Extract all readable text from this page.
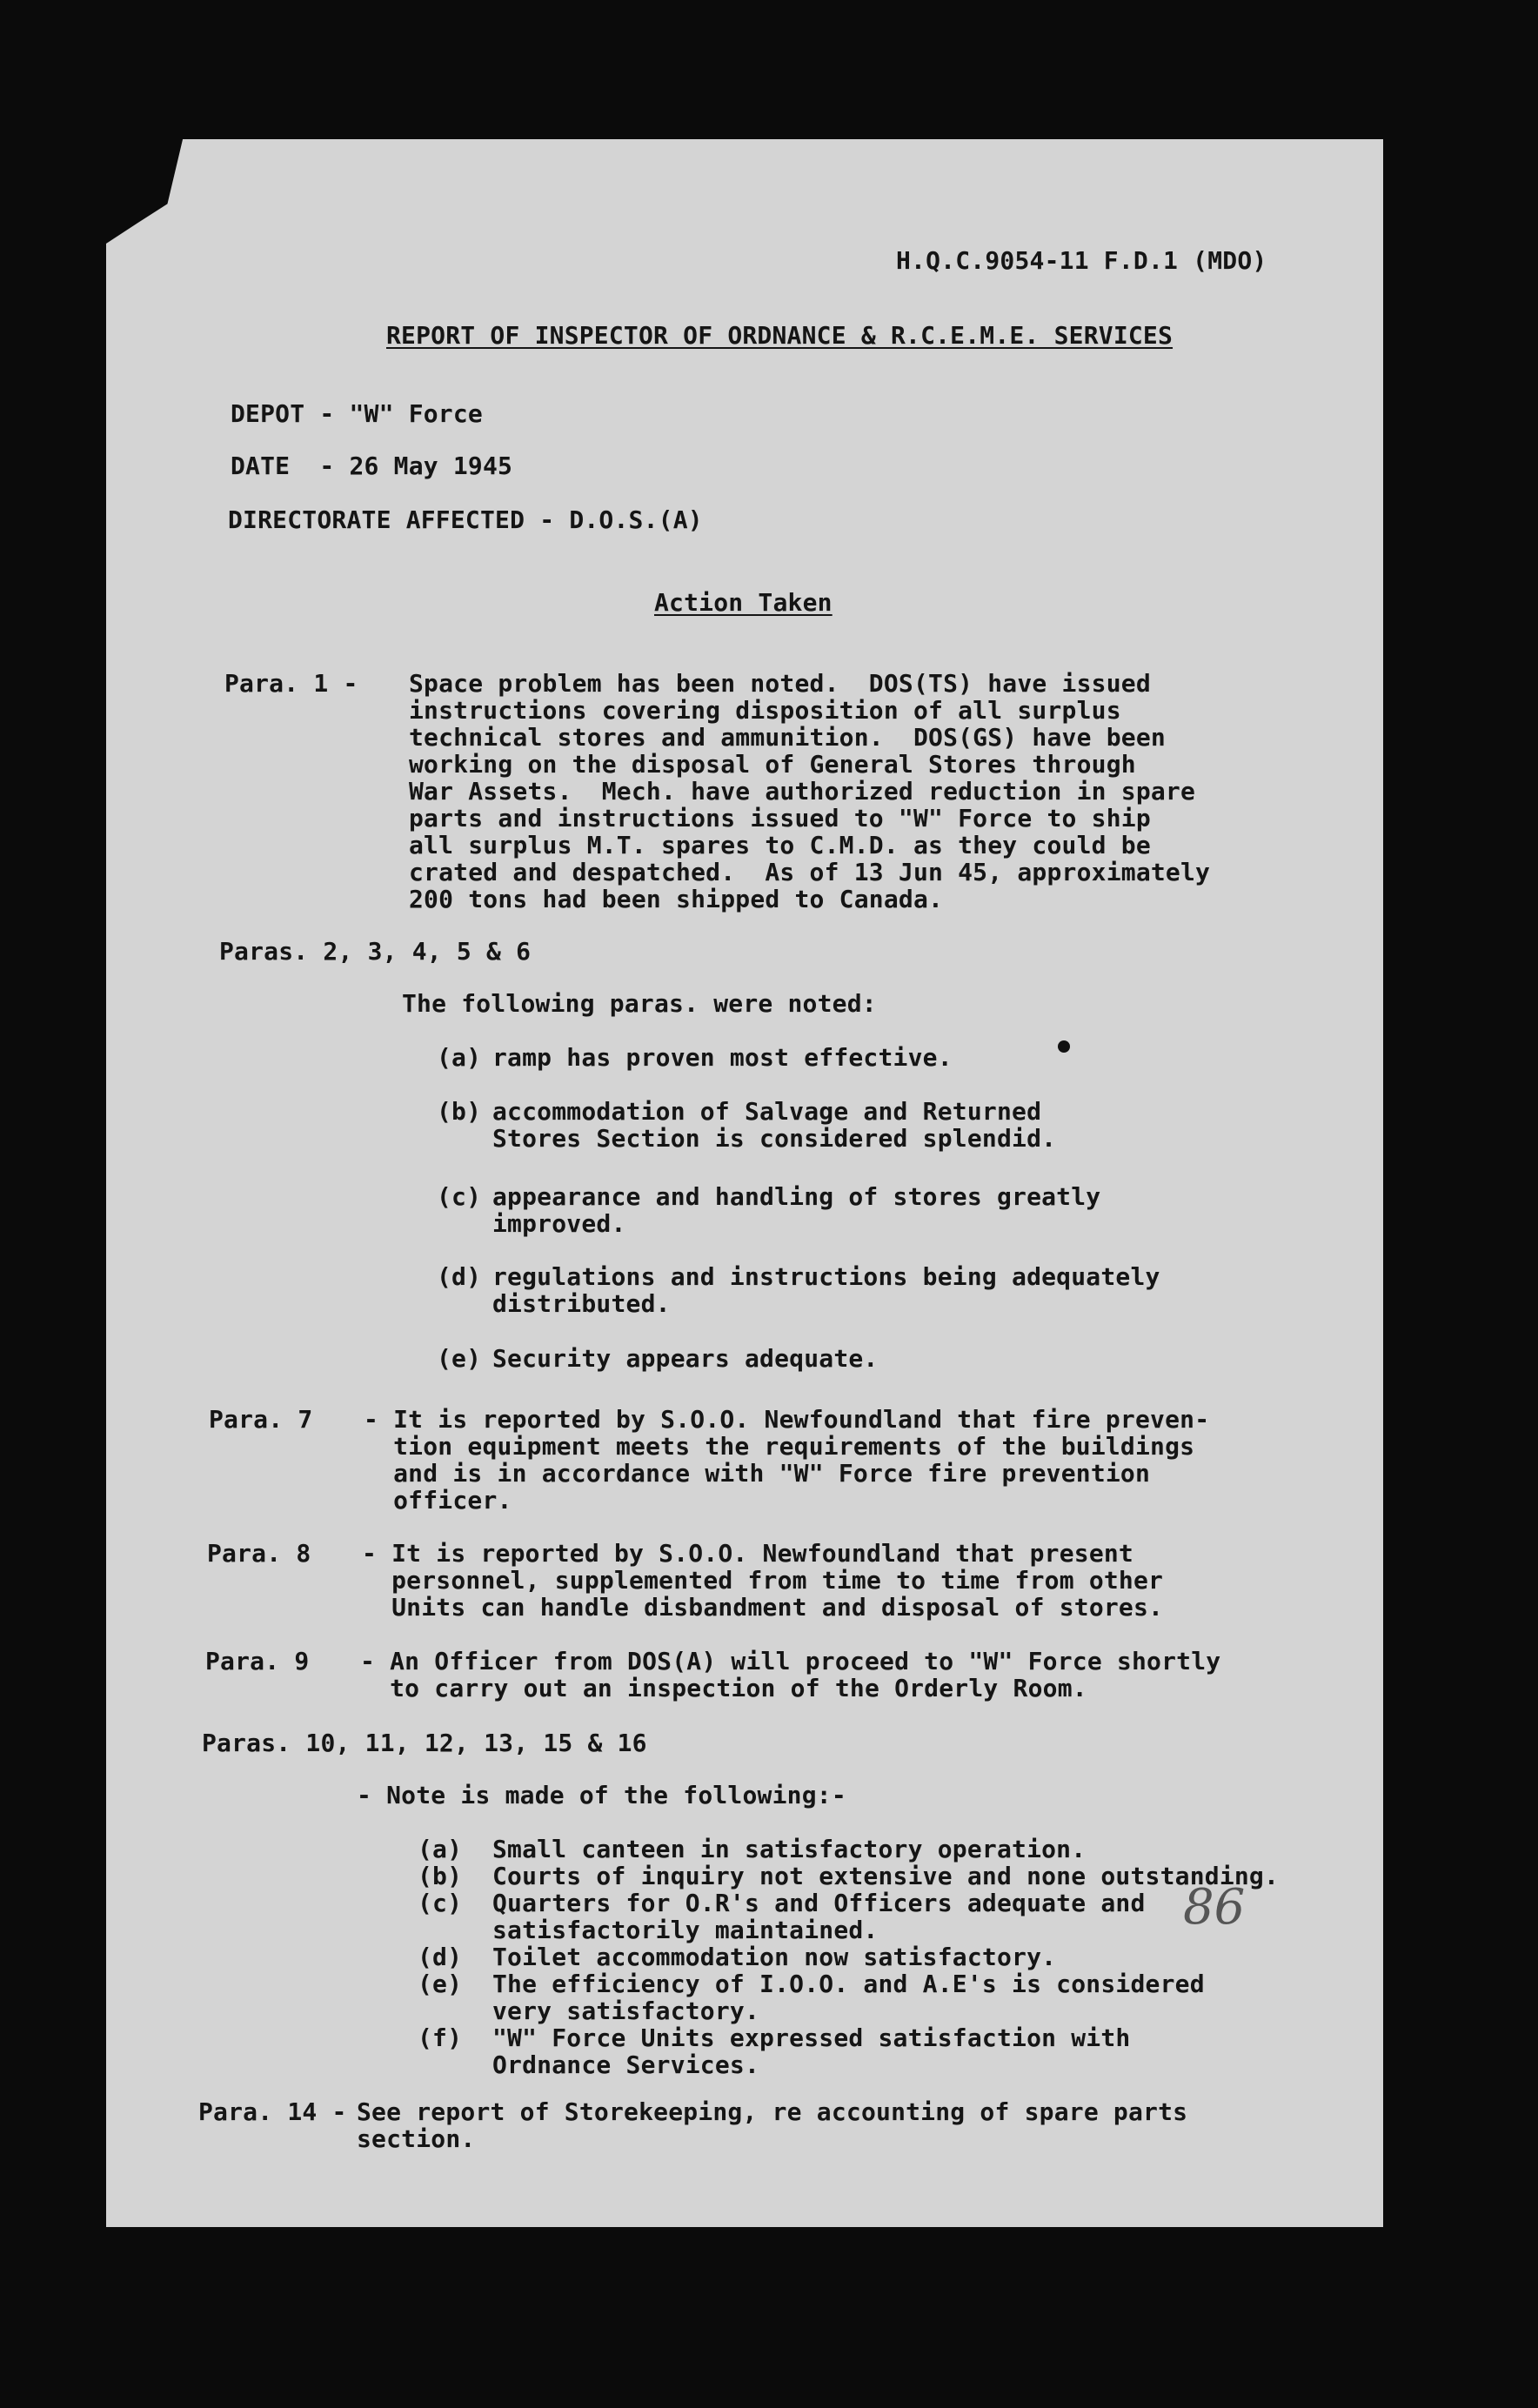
H.Q.C.9054-11 F.D.1 (MDO)
REPORT OF INSPECTOR OF ORDNANCE & R.C.E.M.E. SERVICES
DEPOT - "W" Force
DATE  - 26 May 1945
DIRECTORATE AFFECTED - D.O.S.(A)
Action Taken
Para. 1 - Space problem has been noted.  DOS(TS) have issued
instructions covering disposition of all surplus
technical stores and ammunition.  DOS(GS) have been
working on the disposal of General Stores through
War Assets.  Mech. have authorized reduction in spare
parts and instructions issued to "W" Force to ship
all surplus M.T. spares to C.M.D. as they could be
crated and despatched.  As of 13 Jun 45, approximately
200 tons had been shipped to Canada.
Paras. 2, 3, 4, 5 & 6
The following paras. were noted:
(a) ramp has proven most effective.
(b) accommodation of Salvage and Returned
Stores Section is considered splendid.
(c) appearance and handling of stores greatly
improved.
(d) regulations and instructions being adequately
distributed.
(e) Security appears adequate.
Para. 7 - It is reported by S.O.O. Newfoundland that fire preven-
tion equipment meets the requirements of the buildings
and is in accordance with "W" Force fire prevention
officer.
Para. 8 - It is reported by S.O.O. Newfoundland that present
personnel, supplemented from time to time from other
Units can handle disbandment and disposal of stores.
Para. 9 - An Officer from DOS(A) will proceed to "W" Force shortly
to carry out an inspection of the Orderly Room.
Paras. 10, 11, 12, 13, 15 & 16
- Note is made of the following:-
(a) Small canteen in satisfactory operation.
(b) Courts of inquiry not extensive and none outstanding.
(c) Quarters for O.R's and Officers adequate and
satisfactorily maintained.
(d) Toilet accommodation now satisfactory.
(e) The efficiency of I.O.O. and A.E's is considered
very satisfactory.
(f) "W" Force Units expressed satisfaction with
Ordnance Services.
86
Para. 14 - See report of Storekeeping, re accounting of spare parts
section.
